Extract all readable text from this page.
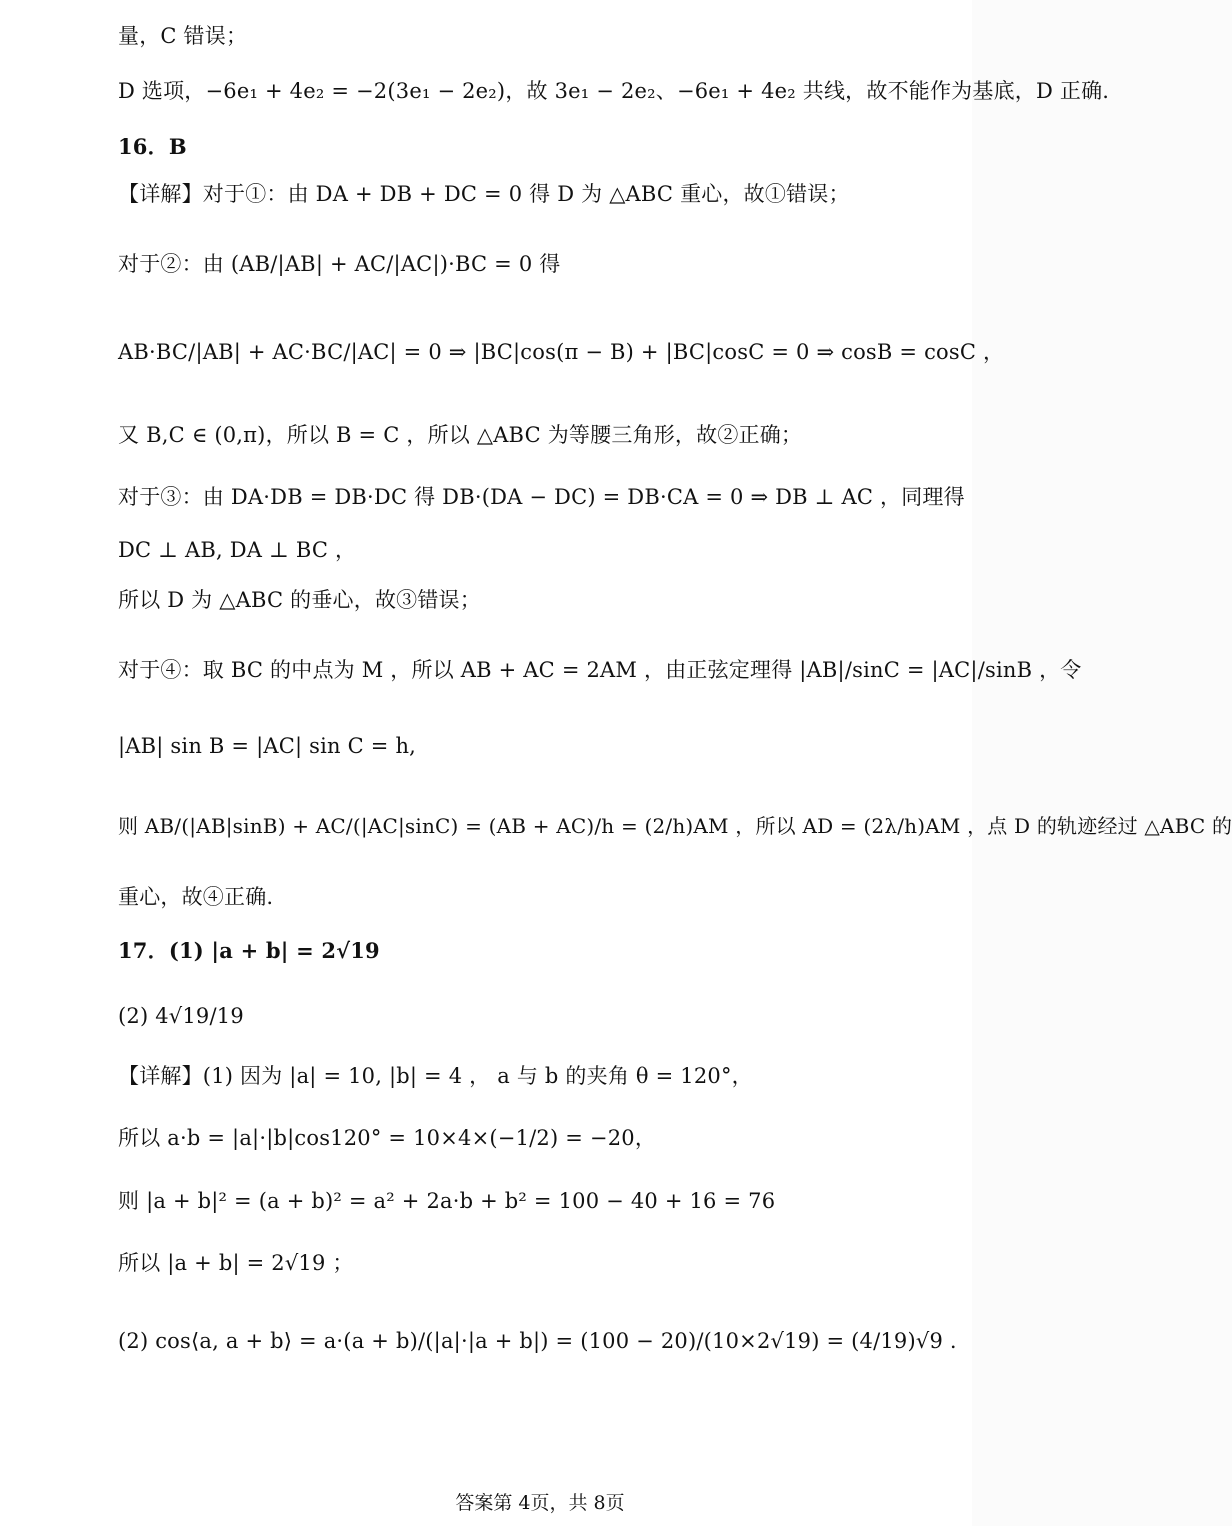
量，C 错误；
D 选项，−6e₁ + 4e₂ = −2(3e₁ − 2e₂)，故 3e₁ − 2e₂、−6e₁ + 4e₂ 共线，故不能作为基底，D 正确.
16．B
【详解】对于①：由 DA + DB + DC = 0 得 D 为 △ABC 重心，故①错误；
对于②：由 (AB/|AB| + AC/|AC|)·BC = 0 得
AB·BC/|AB| + AC·BC/|AC| = 0 ⇒ |BC|cos(π − B) + |BC|cosC = 0 ⇒ cosB = cosC ，
又 B,C ∈ (0,π)，所以 B = C ，所以 △ABC 为等腰三角形，故②正确；
对于③：由 DA·DB = DB·DC 得 DB·(DA − DC) = DB·CA = 0 ⇒ DB ⊥ AC ，同理得
DC ⊥ AB, DA ⊥ BC ，
所以 D 为 △ABC 的垂心，故③错误；
对于④：取 BC 的中点为 M ，所以 AB + AC = 2AM ，由正弦定理得 |AB|/sinC = |AC|/sinB ，令
|AB| sin B = |AC| sin C = h,
则 AB/(|AB|sinB) + AC/(|AC|sinC) = (AB + AC)/h = (2/h)AM ，所以 AD = (2λ/h)AM ，点 D 的轨迹经过 △ABC 的
重心，故④正确.
17．(1) |a + b| = 2√19
(2) 4√19/19
【详解】(1) 因为 |a| = 10, |b| = 4 ， a 与 b 的夹角 θ = 120°，
所以 a·b = |a|·|b|cos120° = 10×4×(−1/2) = −20，
则 |a + b|² = (a + b)² = a² + 2a·b + b² = 100 − 40 + 16 = 76
所以 |a + b| = 2√19 ；
(2) cos⟨a, a + b⟩ = a·(a + b)/(|a|·|a + b|) = (100 − 20)/(10×2√19) = (4/19)√9 .
答案第 4页，共 8页
